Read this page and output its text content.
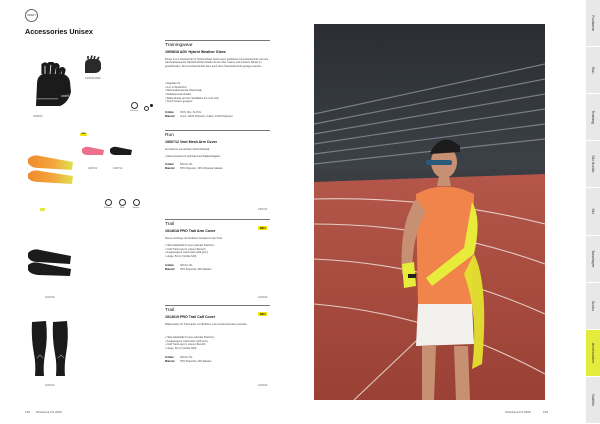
CRAFT
Accessories Unisex
craft
1905818 9999
1905818
Reflective
Trainingwear
1905818 ADV Hybrid Weather Glove
Dieser 2-in-1-Handschuh für Hybrid-Wetter bietet einen gefütterten Innenhandschuh und eine wasserabweisende Handschuhoberschale mit dem Ziel, warme und trockene Hände zu gewährleisten. Der Innenhandschuh kann auch ohne Überhandschuh getragen werden.
• Reguläre Fit
• 2-in-1-Handschuh
• Wasserabweisende Oberschale
• Reflektierende Details
• Silikondrucke auf der Handfläche für mehr Grip
• Touch-Screen-geeignet
Größen XS/S, M/L, XL/XXL
Material Innen: 100% Polyester; Außen: 100% Polyester
NEU
1906712	1906712
Reflective	Wind	Warmth
Run
1906712 Vent Mesh Arm Cover
Armwärmer aus leichtem Mesh-Material.
• Mesh-Gewebe für optimale Feuchtigkeitsabgabe
Größen S/M & L/XL
Material 87% Polyester, 13% Polyester Elastan
1906712
NEU
1914618
Trail
1914618 PRO Trail Arm Cover
Sleeve-Armlinge mit flexiblem Gewebe für den Trail.
• Hohe Elastizität für eine optimale Passform
• Craft Trail-Logo im unteren Bereich
• Ausgewogene Grammatur (229 g/m²)
• Länge: 52 cm (Größe S/M)
Größen S/M & L/XL
Material 78% Polyamid, 22% Elastan
1914618
NEU
1914619
Trail
1914619 PRO Trail Calf Cover
Wadenstulpe für Trail-Läufer mit flexiblem und komprimierendem Gewebe.
• Hohe Elastizität für eine optimale Passform
• Ausgewogene Grammatur (229 g/m²)
• Craft Trail-Logo im unteren Bereich
• Länge: 36 cm (Größe S/M)
Größen S/M & L/XL
Material 78% Polyamid, 22% Elastan
1914619
130 Workbook FS 2025	Workbook FS 2025	129
Footwear
Run
Training
Ski Nordic
Ski
Baselayer
Socks
Accessories
Outlets
